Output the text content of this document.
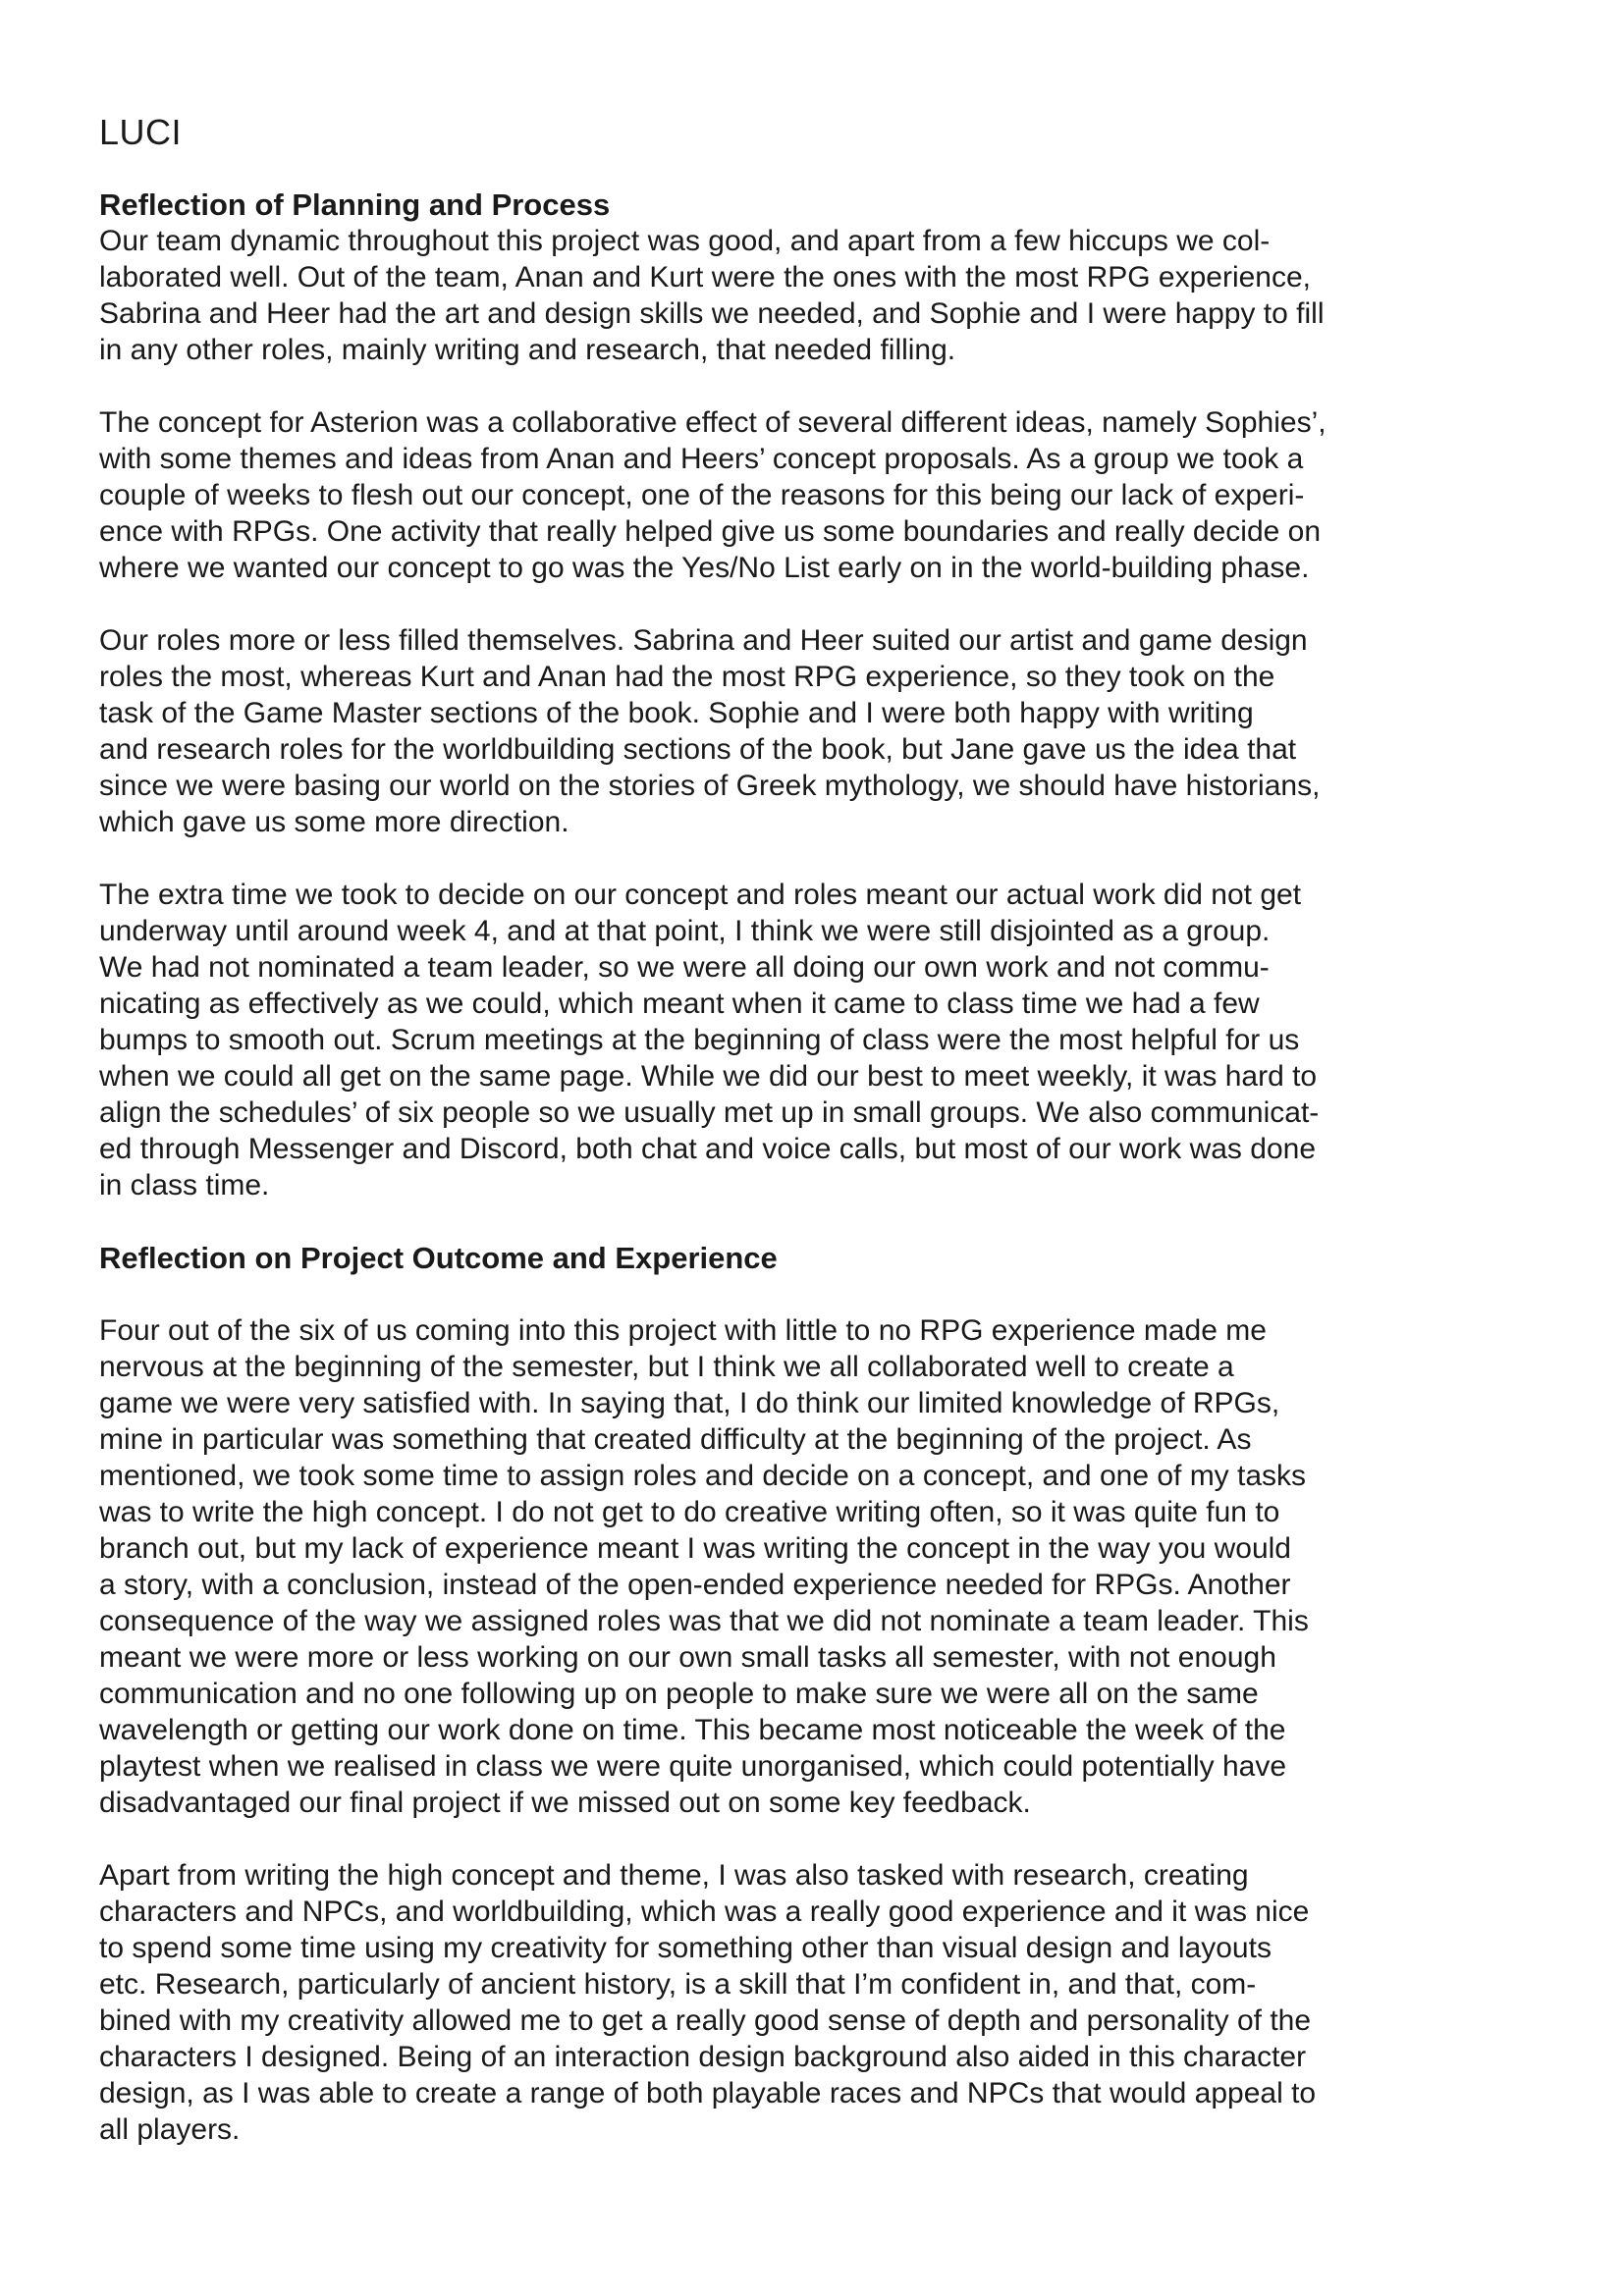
LUCI
Reflection of Planning and Process

Our team dynamic throughout this project was good, and apart from a few hiccups we col-
laborated well. Out of the team, Anan and Kurt were the ones with the most RPG experience,
Sabrina and Heer had the art and design skills we needed, and Sophie and I were happy to fill
in any other roles, mainly writing and research, that needed filling.

The concept for Asterion was a collaborative effect of several different ideas, namely Sophies’,
with some themes and ideas from Anan and Heers’ concept proposals. As a group we took a
couple of weeks to flesh out our concept, one of the reasons for this being our lack of experi-
ence with RPGs. One activity that really helped give us some boundaries and really decide on
where we wanted our concept to go was the Yes/No List early on in the world-building phase.

Our roles more or less filled themselves. Sabrina and Heer suited our artist and game design
roles the most, whereas Kurt and Anan had the most RPG experience, so they took on the
task of the Game Master sections of the book. Sophie and I were both happy with writing
and research roles for the worldbuilding sections of the book, but Jane gave us the idea that
since we were basing our world on the stories of Greek mythology, we should have historians,
which gave us some more direction.

The extra time we took to decide on our concept and roles meant our actual work did not get
underway until around week 4, and at that point, I think we were still disjointed as a group.
We had not nominated a team leader, so we were all doing our own work and not commu-
nicating as effectively as we could, which meant when it came to class time we had a few
bumps to smooth out. Scrum meetings at the beginning of class were the most helpful for us
when we could all get on the same page. While we did our best to meet weekly, it was hard to
align the schedules’ of six people so we usually met up in small groups. We also communicat-
ed through Messenger and Discord, both chat and voice calls, but most of our work was done
in class time.

Reflection on Project Outcome and Experience

Four out of the six of us coming into this project with little to no RPG experience made me
nervous at the beginning of the semester, but I think we all collaborated well to create a
game we were very satisfied with. In saying that, I do think our limited knowledge of RPGs,
mine in particular was something that created difficulty at the beginning of the project. As
mentioned, we took some time to assign roles and decide on a concept, and one of my tasks
was to write the high concept. I do not get to do creative writing often, so it was quite fun to
branch out, but my lack of experience meant I was writing the concept in the way you would
a story, with a conclusion, instead of the open-ended experience needed for RPGs. Another
consequence of the way we assigned roles was that we did not nominate a team leader. This
meant we were more or less working on our own small tasks all semester, with not enough
communication and no one following up on people to make sure we were all on the same
wavelength or getting our work done on time. This became most noticeable the week of the
playtest when we realised in class we were quite unorganised, which could potentially have
disadvantaged our final project if we missed out on some key feedback.

Apart from writing the high concept and theme, I was also tasked with research, creating
characters and NPCs, and worldbuilding, which was a really good experience and it was nice
to spend some time using my creativity for something other than visual design and layouts
etc. Research, particularly of ancient history, is a skill that I’m confident in, and that, com-
bined with my creativity allowed me to get a really good sense of depth and personality of the
characters I designed. Being of an interaction design background also aided in this character
design, as I was able to create a range of both playable races and NPCs that would appeal to
all players.
